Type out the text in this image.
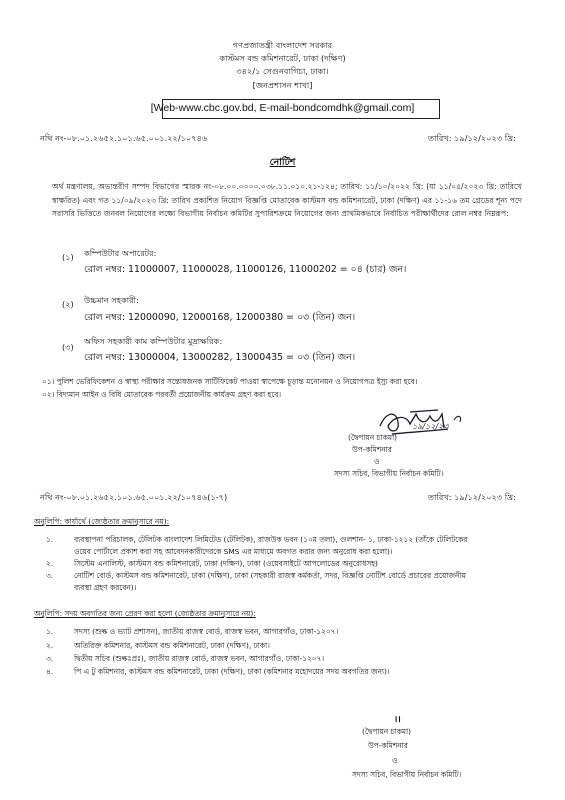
গণপ্রজাতন্ত্রী বাংলাদেশ সরকার
কাস্টমস বন্ড কমিশনারেট, ঢাকা (দক্ষিণ)
৩৪২/১ সেগুনবাগিচা, ঢাকা।
[জনপ্রশাসন শাখা]
[Web-www.cbc.gov.bd, E-mail-bondcomdhk@gmail.com]
নথি নং-০৮.০১.২৬৫২.১০১.৬৫.০০১.২২/১০৭৪৬	তারিখ: ১৯/১২/২০২৩ খ্রি:
নোটিশ
অর্থ মন্ত্রণালয়, অভ্যন্তরীণ সম্পদ বিভাগের স্মারক নং-০৮.০০.০০০০.০৩৮.১১.০১০.২১-১২৪; তারিখ: ১১/১০/২০২২ খ্রি: (যা ১১/০৫/২০২৩ খ্রি: তারিখে স্বাক্ষরিত) এবং গত ১১/০৯/২০২৩ খ্রি: তারিখ প্রকাশিত নিয়োগ বিজ্ঞপ্তি মোতাবেক কাস্টমস বন্ড কমিশনারেট, ঢাকা (দক্ষিণ) এর ১১-১৬ তম গ্রেডের শূন্য পদে সরাসরি ভিত্তিতে জনবল নিয়োগের লক্ষ্যে বিভাগীয় নির্বাচন কমিটির সুপারিশক্রমে নিয়োগের জন্য প্রাথমিকভাবে নির্বাচিত পরীক্ষার্থীদের রোল নম্বর নিম্নরূপ:
(১) কম্পিউটার অপারেটর:
রোল নম্বর: 11000007, 11000028, 11000126, 11000202 = ০৪ (চার) জন।
(২) উচ্চমান সহকারী:
রোল নম্বর: 12000090, 12000168, 12000380 = ০৩ (তিন) জন।
(৩)
অফিস সহকারী কাম কম্পিউটার মুদ্রাক্ষরিক:
রোল নম্বর: 13000004, 13000282, 13000435 = ০৩ (তিন) জন।
০১। পুলিশ ভেরিফিকেশন ও স্বাস্থ্য পরীক্ষার সন্তোষজনক সার্টিফিকেট পাওয়া স্বাপেক্ষে চূড়ান্ত মনোনয়ন ও নিয়োগপত্র ইস্যু করা হবে।
০২। বিদ্যমান আইন ও বিধি মোতাবেক পরবর্তী প্রয়োজনীয় কার্যক্রম গ্রহণ করা হবে।
১৯/১২/২৩
(দ্বৈপায়ন চাকমা)
উপ-কমিশনার
ও
সদস্য সচিব, বিভাগীয় নির্বাচন কমিটি।
নথি নং-০৮.০১.২৬৫২.১০১.৬৫.০০১.২২/১০৭৪৬(১-৭)	তারিখ: ১৯/১২/২০২৩ খ্রি:
অনুলিপি: কার্যার্থে (জ্যেষ্ঠতার ক্রমানুসারে নয়):
১.	ব্যবস্থাপনা পরিচালক, টেলিটক বাংলাদেশ লিমিটেড (টেলিটক), রাজউক ভবন (১০ম তলা), গুলশান- ১, ঢাকা-১২১২ (তাঁকে টেলিটকের
ওয়েব পোর্টালে প্রকাশ করা সহ আবেদনকারীদেরকে SMS এর মাধ্যমে অবগত করার জন্য অনুরোধ করা হলো)।
২.	সিস্টেম এনালিস্ট, কাস্টমস বন্ড কমিশনারেট, ঢাকা (দক্ষিণ), ঢাকা (ওয়েবসাইটে আপলোডের অনুরোধসহ)
৩.	নোটিশ বোর্ড, কাস্টমস বন্ড কমিশনারেট, ঢাকা (দক্ষিণ), ঢাকা (সহকারী রাজস্ব কর্মকর্তা, সদর, বিজ্ঞপ্তি নোটিশ বোর্ডে প্রচারের প্রয়োজনীয়
ব্যবস্থা গ্রহণ করবেন)।
অনুলিপি: সদয় অবগতির জন্য প্রেরণ করা হলো (জ্যেষ্ঠতার ক্রমানুসারে নয়):
১.	সদস্য (শুল্ক ও ভ্যাট প্রশাসন), জাতীয় রাজস্ব বোর্ড, রাজস্ব ভবন, আগারগাঁও, ঢাকা-১২০৭।
২.	অতিরিক্ত কমিশনার, কাস্টমস বন্ড কমিশনারেট, ঢাকা (দক্ষিণ), ঢাকা।
৩.	দ্বিতীয় সচিব (শুল্কঃপ্রঃ), জাতীয় রাজস্ব বোর্ড, রাজস্ব ভবন, আগারগাঁও, ঢাকা-১২০৭।
৪.	পি এ টু কমিশনার, কাস্টমস বন্ড কমিশনারেট, ঢাকা (দক্ষিণ), ঢাকা (কমিশনার মহোদয়ের সদয় অবগতির জন্য)।
।।
(দ্বৈপায়ন চাকমা)
উপ-কমিশনার
ও
সদস্য সচিব, বিভাগীয় নির্বাচন কমিটি।
